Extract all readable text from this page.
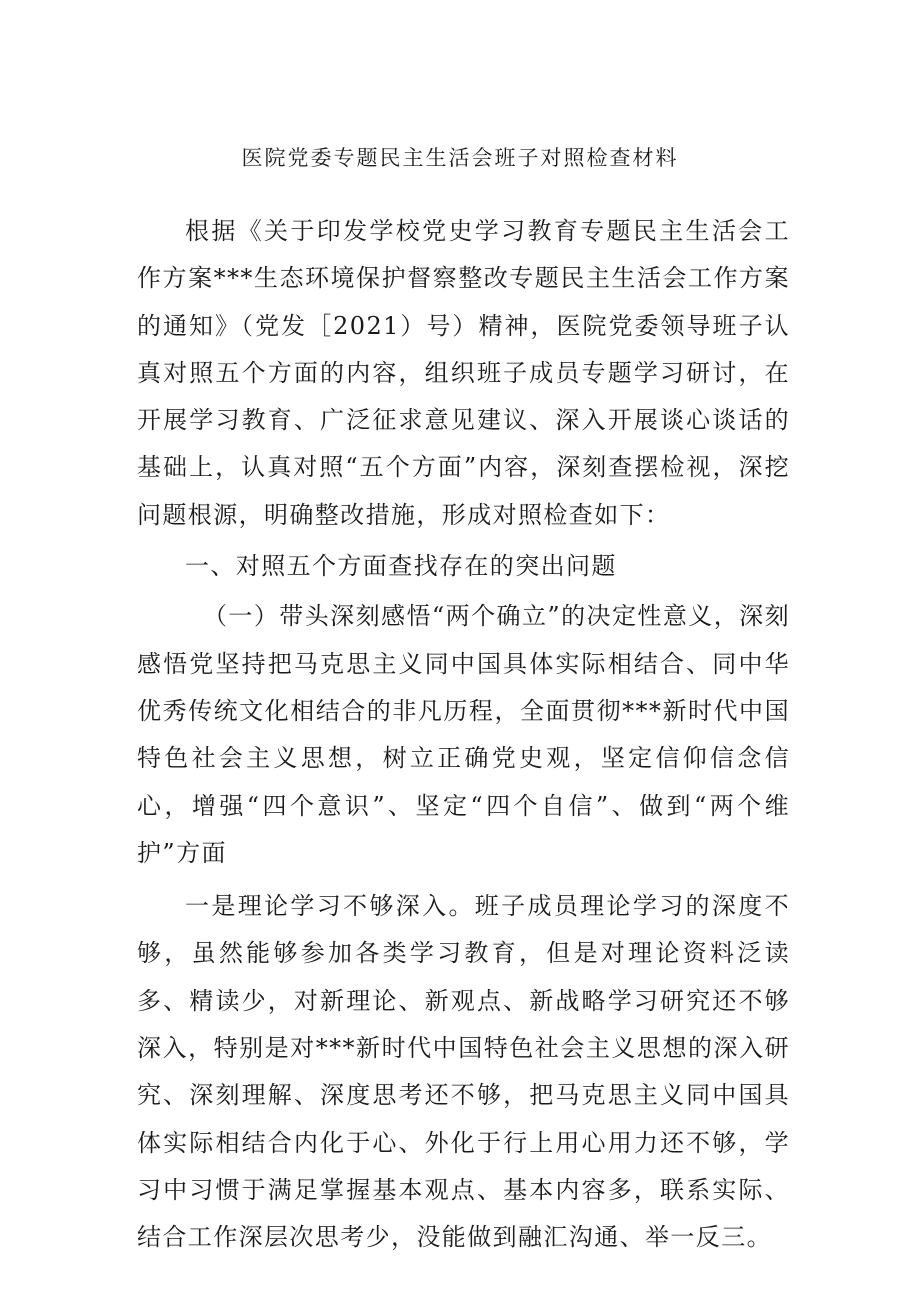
医院党委专题民主生活会班子对照检查材料

根据《关于印发学校党史学习教育专题民主生活会工作方案***生态环境保护督察整改专题民主生活会工作方案的通知》（党发［2021）号）精神，医院党委领导班子认真对照五个方面的内容，组织班子成员专题学习研讨，在开展学习教育、广泛征求意见建议、深入开展谈心谈话的基础上，认真对照“五个方面”内容，深刻查摆检视，深挖问题根源，明确整改措施，形成对照检查如下：

一、对照五个方面查找存在的突出问题

（一）带头深刻感悟“两个确立”的决定性意义，深刻感悟党坚持把马克思主义同中国具体实际相结合、同中华优秀传统文化相结合的非凡历程，全面贯彻***新时代中国特色社会主义思想，树立正确党史观，坚定信仰信念信心，增强“四个意识”、坚定“四个自信”、做到“两个维护”方面

一是理论学习不够深入。班子成员理论学习的深度不够，虽然能够参加各类学习教育，但是对理论资料泛读多、精读少，对新理论、新观点、新战略学习研究还不够深入，特别是对***新时代中国特色社会主义思想的深入研究、深刻理解、深度思考还不够，把马克思主义同中国具体实际相结合内化于心、外化于行上用心用力还不够，学习中习惯于满足掌握基本观点、基本内容多，联系实际、结合工作深层次思考少，没能做到融汇沟通、举一反三。
